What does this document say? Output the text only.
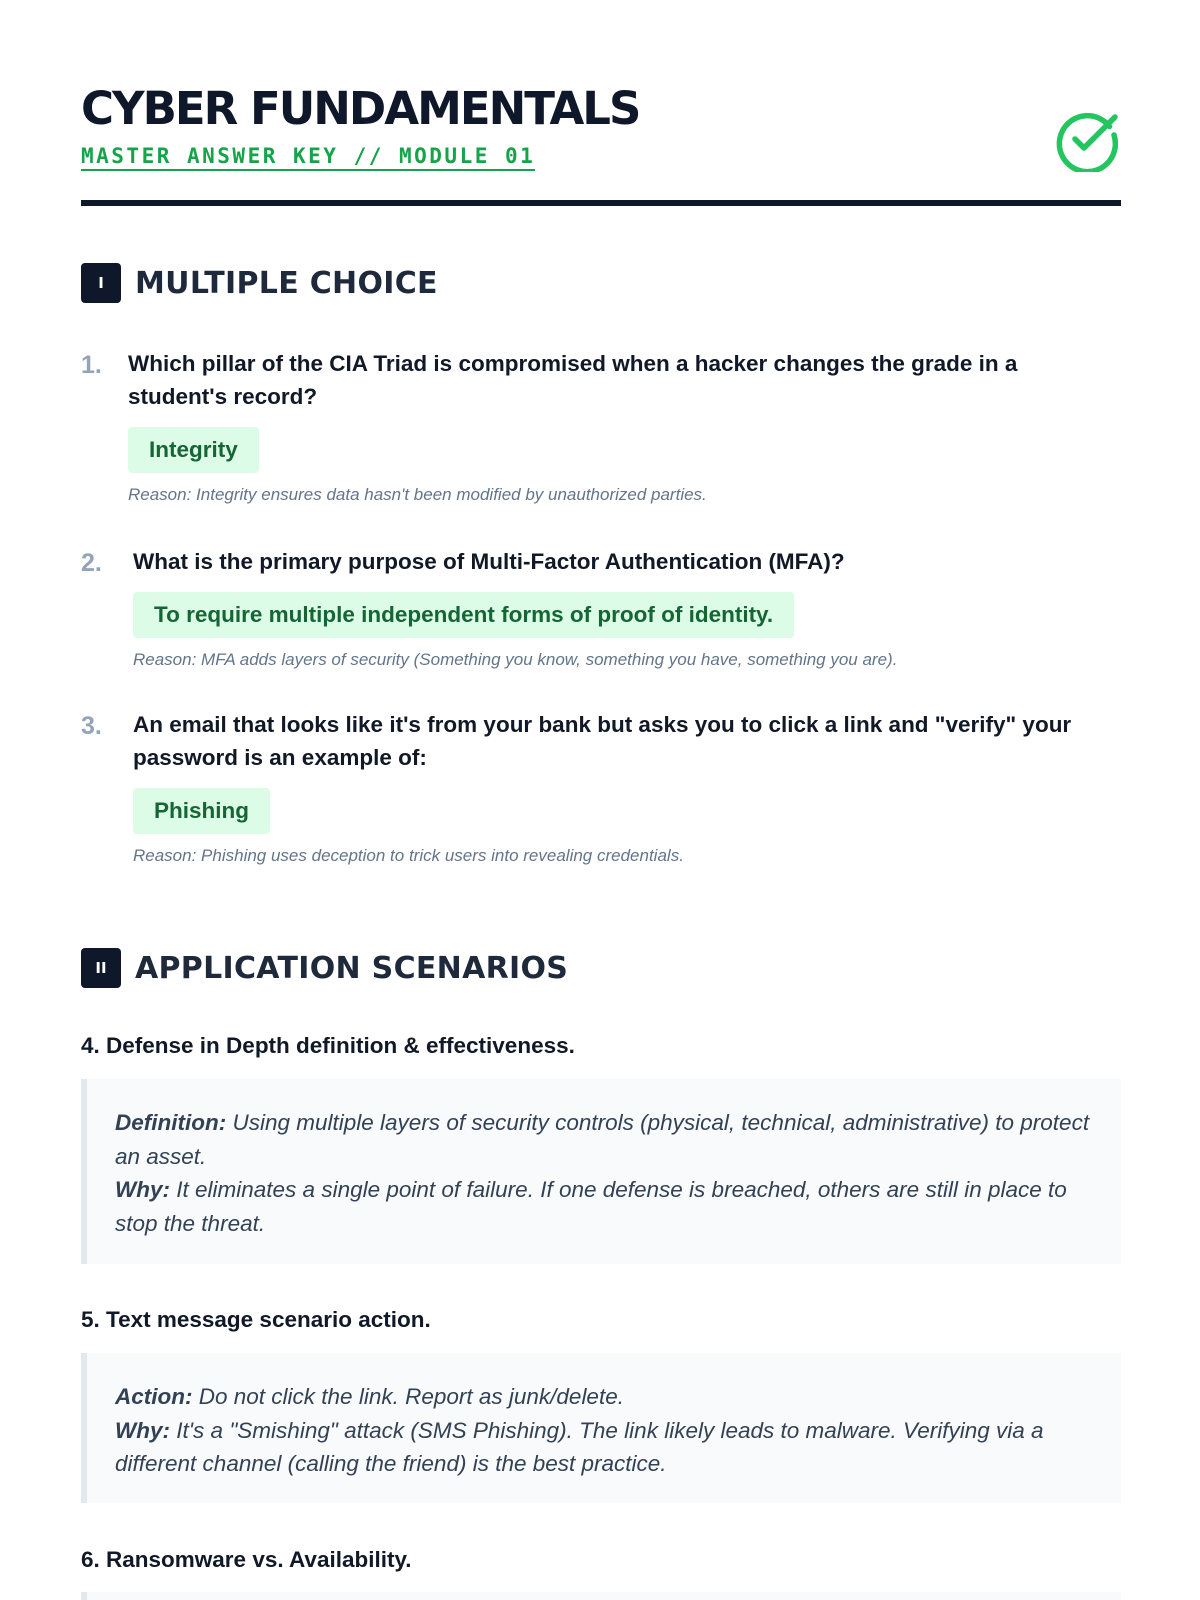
CYBER FUNDAMENTALS
MASTER ANSWER KEY // MODULE 01
I	MULTIPLE CHOICE
1. Which pillar of the CIA Triad is compromised when a hacker changes the grade in a student's record?
Integrity
Reason: Integrity ensures data hasn't been modified by unauthorized parties.
2. What is the primary purpose of Multi-Factor Authentication (MFA)?
To require multiple independent forms of proof of identity.
Reason: MFA adds layers of security (Something you know, something you have, something you are).
3. An email that looks like it's from your bank but asks you to click a link and "verify" your password is an example of:
Phishing
Reason: Phishing uses deception to trick users into revealing credentials.
II APPLICATION SCENARIOS
4. Defense in Depth definition & effectiveness.
Definition: Using multiple layers of security controls (physical, technical, administrative) to protect an asset.
Why: It eliminates a single point of failure. If one defense is breached, others are still in place to stop the threat.
5. Text message scenario action.
Action: Do not click the link. Report as junk/delete.
Why: It's a "Smishing" attack (SMS Phishing). The link likely leads to malware. Verifying via a different channel (calling the friend) is the best practice.
6. Ransomware vs. Availability.
